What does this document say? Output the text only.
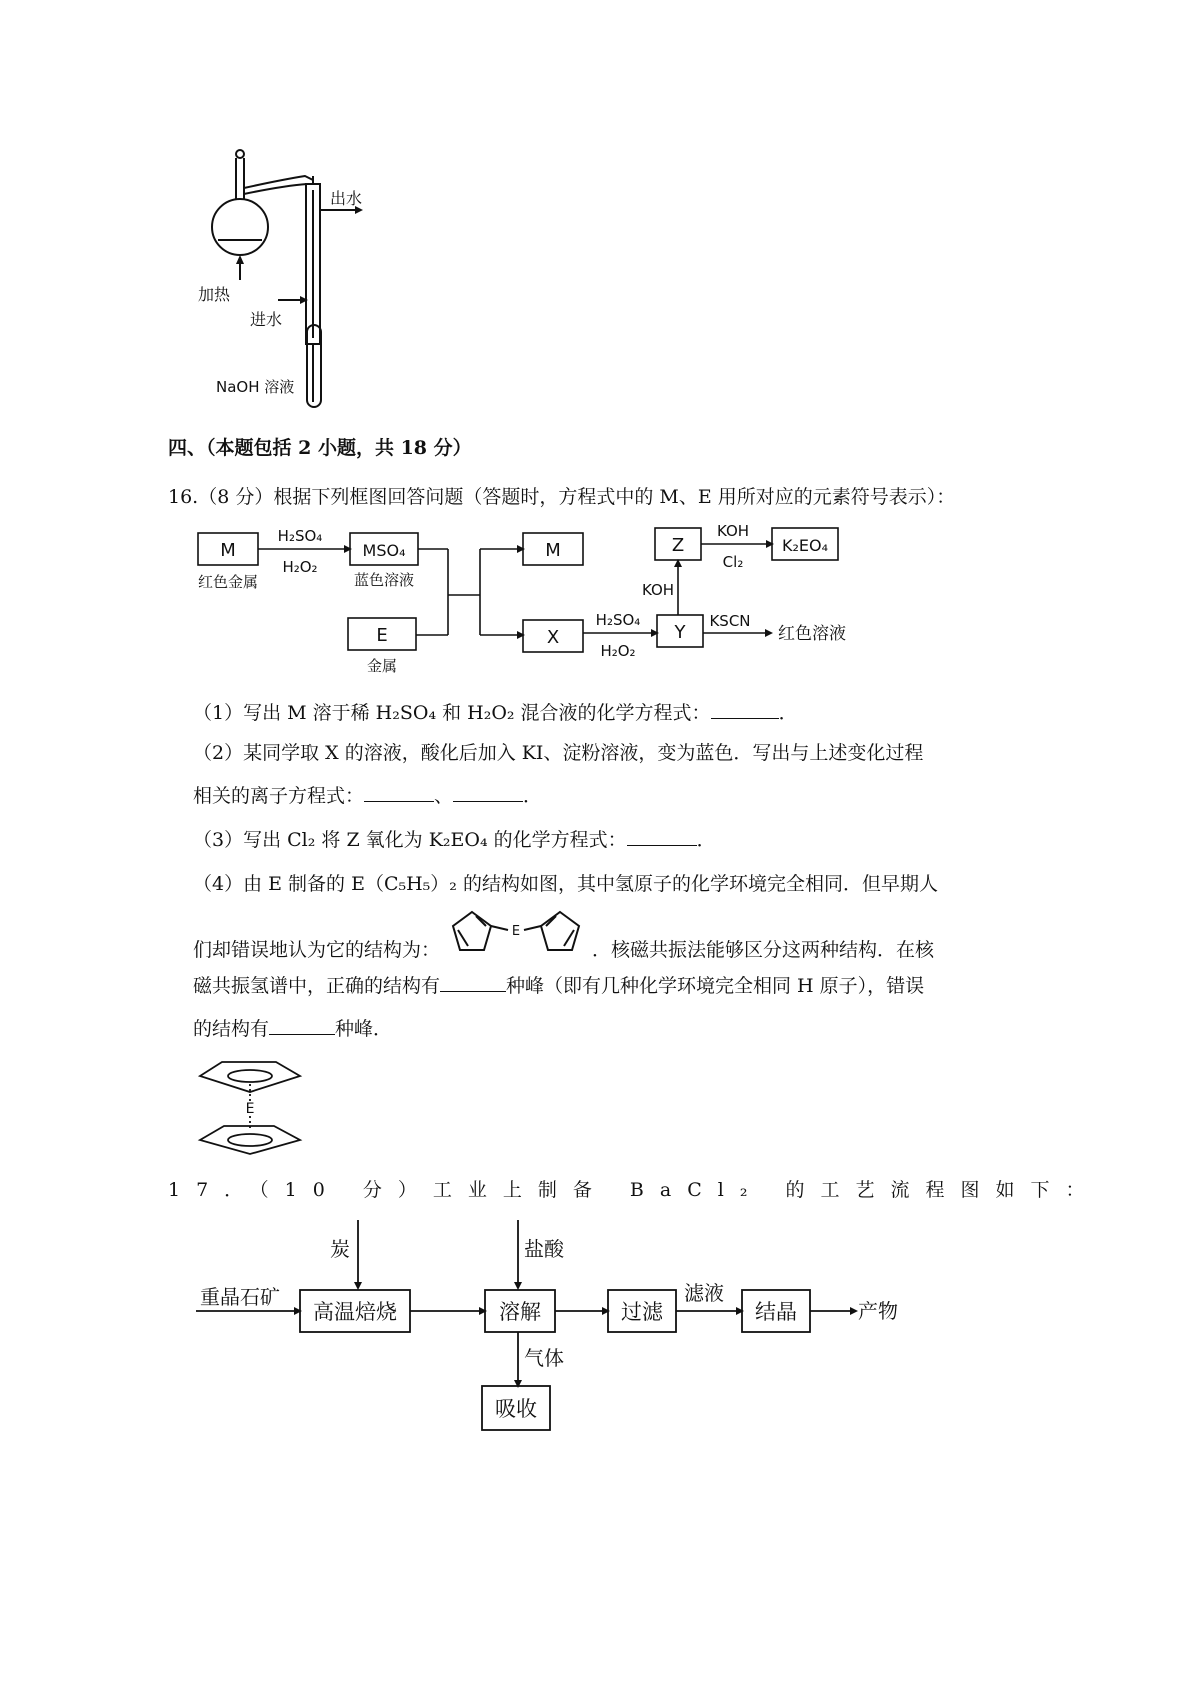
出水
加热
进水
NaOH 溶液
四、（本题包括 2 小题，共 18 分）
16.（8 分）根据下列框图回答问题（答题时，方程式中的 M、E 用所对应的元素符号表示）：
M
红色金属
H₂SO₄
H₂O₂
MSO₄
蓝色溶液
E
金属
M
X
H₂SO₄
H₂O₂
Y
KOH
Z
KOH
Cl₂
K₂EO₄
KSCN
红色溶液
（1）写出 M 溶于稀 H₂SO₄ 和 H₂O₂ 混合液的化学方程式：	．
（2）某同学取 X 的溶液，酸化后加入 KI、淀粉溶液，变为蓝色．写出与上述变化过程
相关的离子方程式：	、	．
（3）写出 Cl₂ 将 Z 氧化为 K₂EO₄ 的化学方程式：	．
（4）由 E 制备的 E（C₅H₅）₂ 的结构如图，其中氢原子的化学环境完全相同．但早期人
们却错误地认为它的结构为：
E
．核磁共振法能够区分这两种结构．在核
磁共振氢谱中，正确的结构有	种峰（即有几种化学环境完全相同 H 原子），错误
的结构有	种峰．
E
17．（10 分）工业上制备 BaCl₂ 的工艺流程图如下：
炭	盐酸
重晶石矿
高温焙烧	溶解	过滤
滤液
结晶	产物
气体
吸收
